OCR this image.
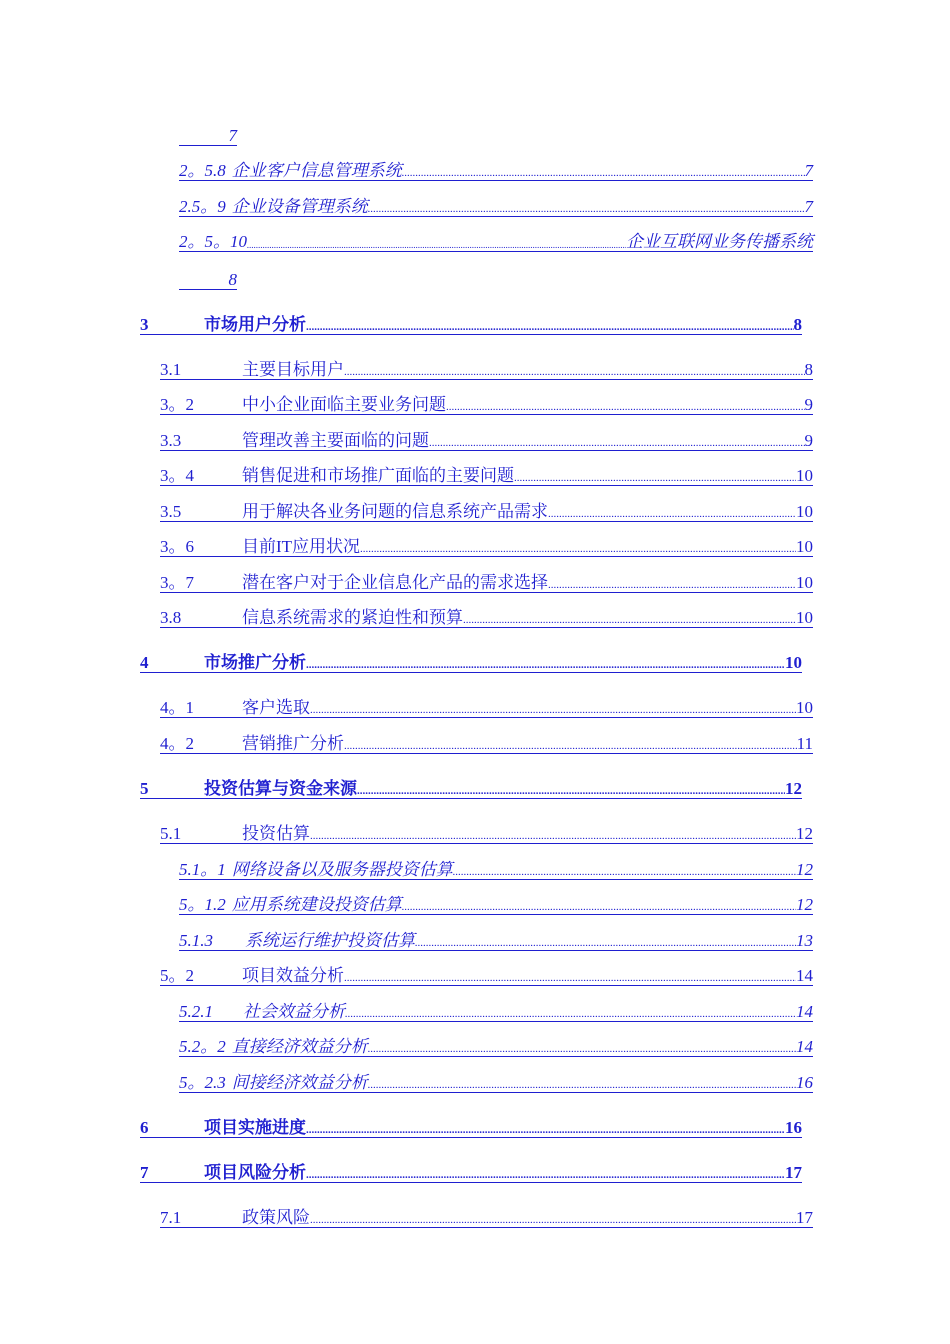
7
2。5.8 企业客户信息管理系统 .....	7
2.5。9 企业设备管理系统 .....	7
2。5。10 .....	企业互联网业务传播系统
8
3	市场用户分析 .....	8
3.1	主要目标用户 .....	8
3。2	中小企业面临主要业务问题 .....	9
3.3	管理改善主要面临的问题 .....	9
3。4	销售促进和市场推广面临的主要问题 .....	10
3.5	用于解决各业务问题的信息系统产品需求 .....	10
3。6	目前IT应用状况 .....	10
3。7	潜在客户对于企业信息化产品的需求选择 .....	10
3.8	信息系统需求的紧迫性和预算 .....	10
4	市场推广分析 .....	10
4。1	客户选取 .....	10
4。2	营销推广分析 .....	11
5	投资估算与资金来源 .....	12
5.1	投资估算 .....	12
5.1。1 网络设备以及服务器投资估算 .....	12
5。1.2 应用系统建设投资估算 .....	12
5.1.3	系统运行维护投资估算 .....	13
5。2	项目效益分析 .....	14
5.2.1	社会效益分析 .....	14
5.2。2 直接经济效益分析 .....	14
5。2.3 间接经济效益分析 .....	16
6	项目实施进度 .....	16
7	项目风险分析 .....	17
7.1	政策风险 .....	17
